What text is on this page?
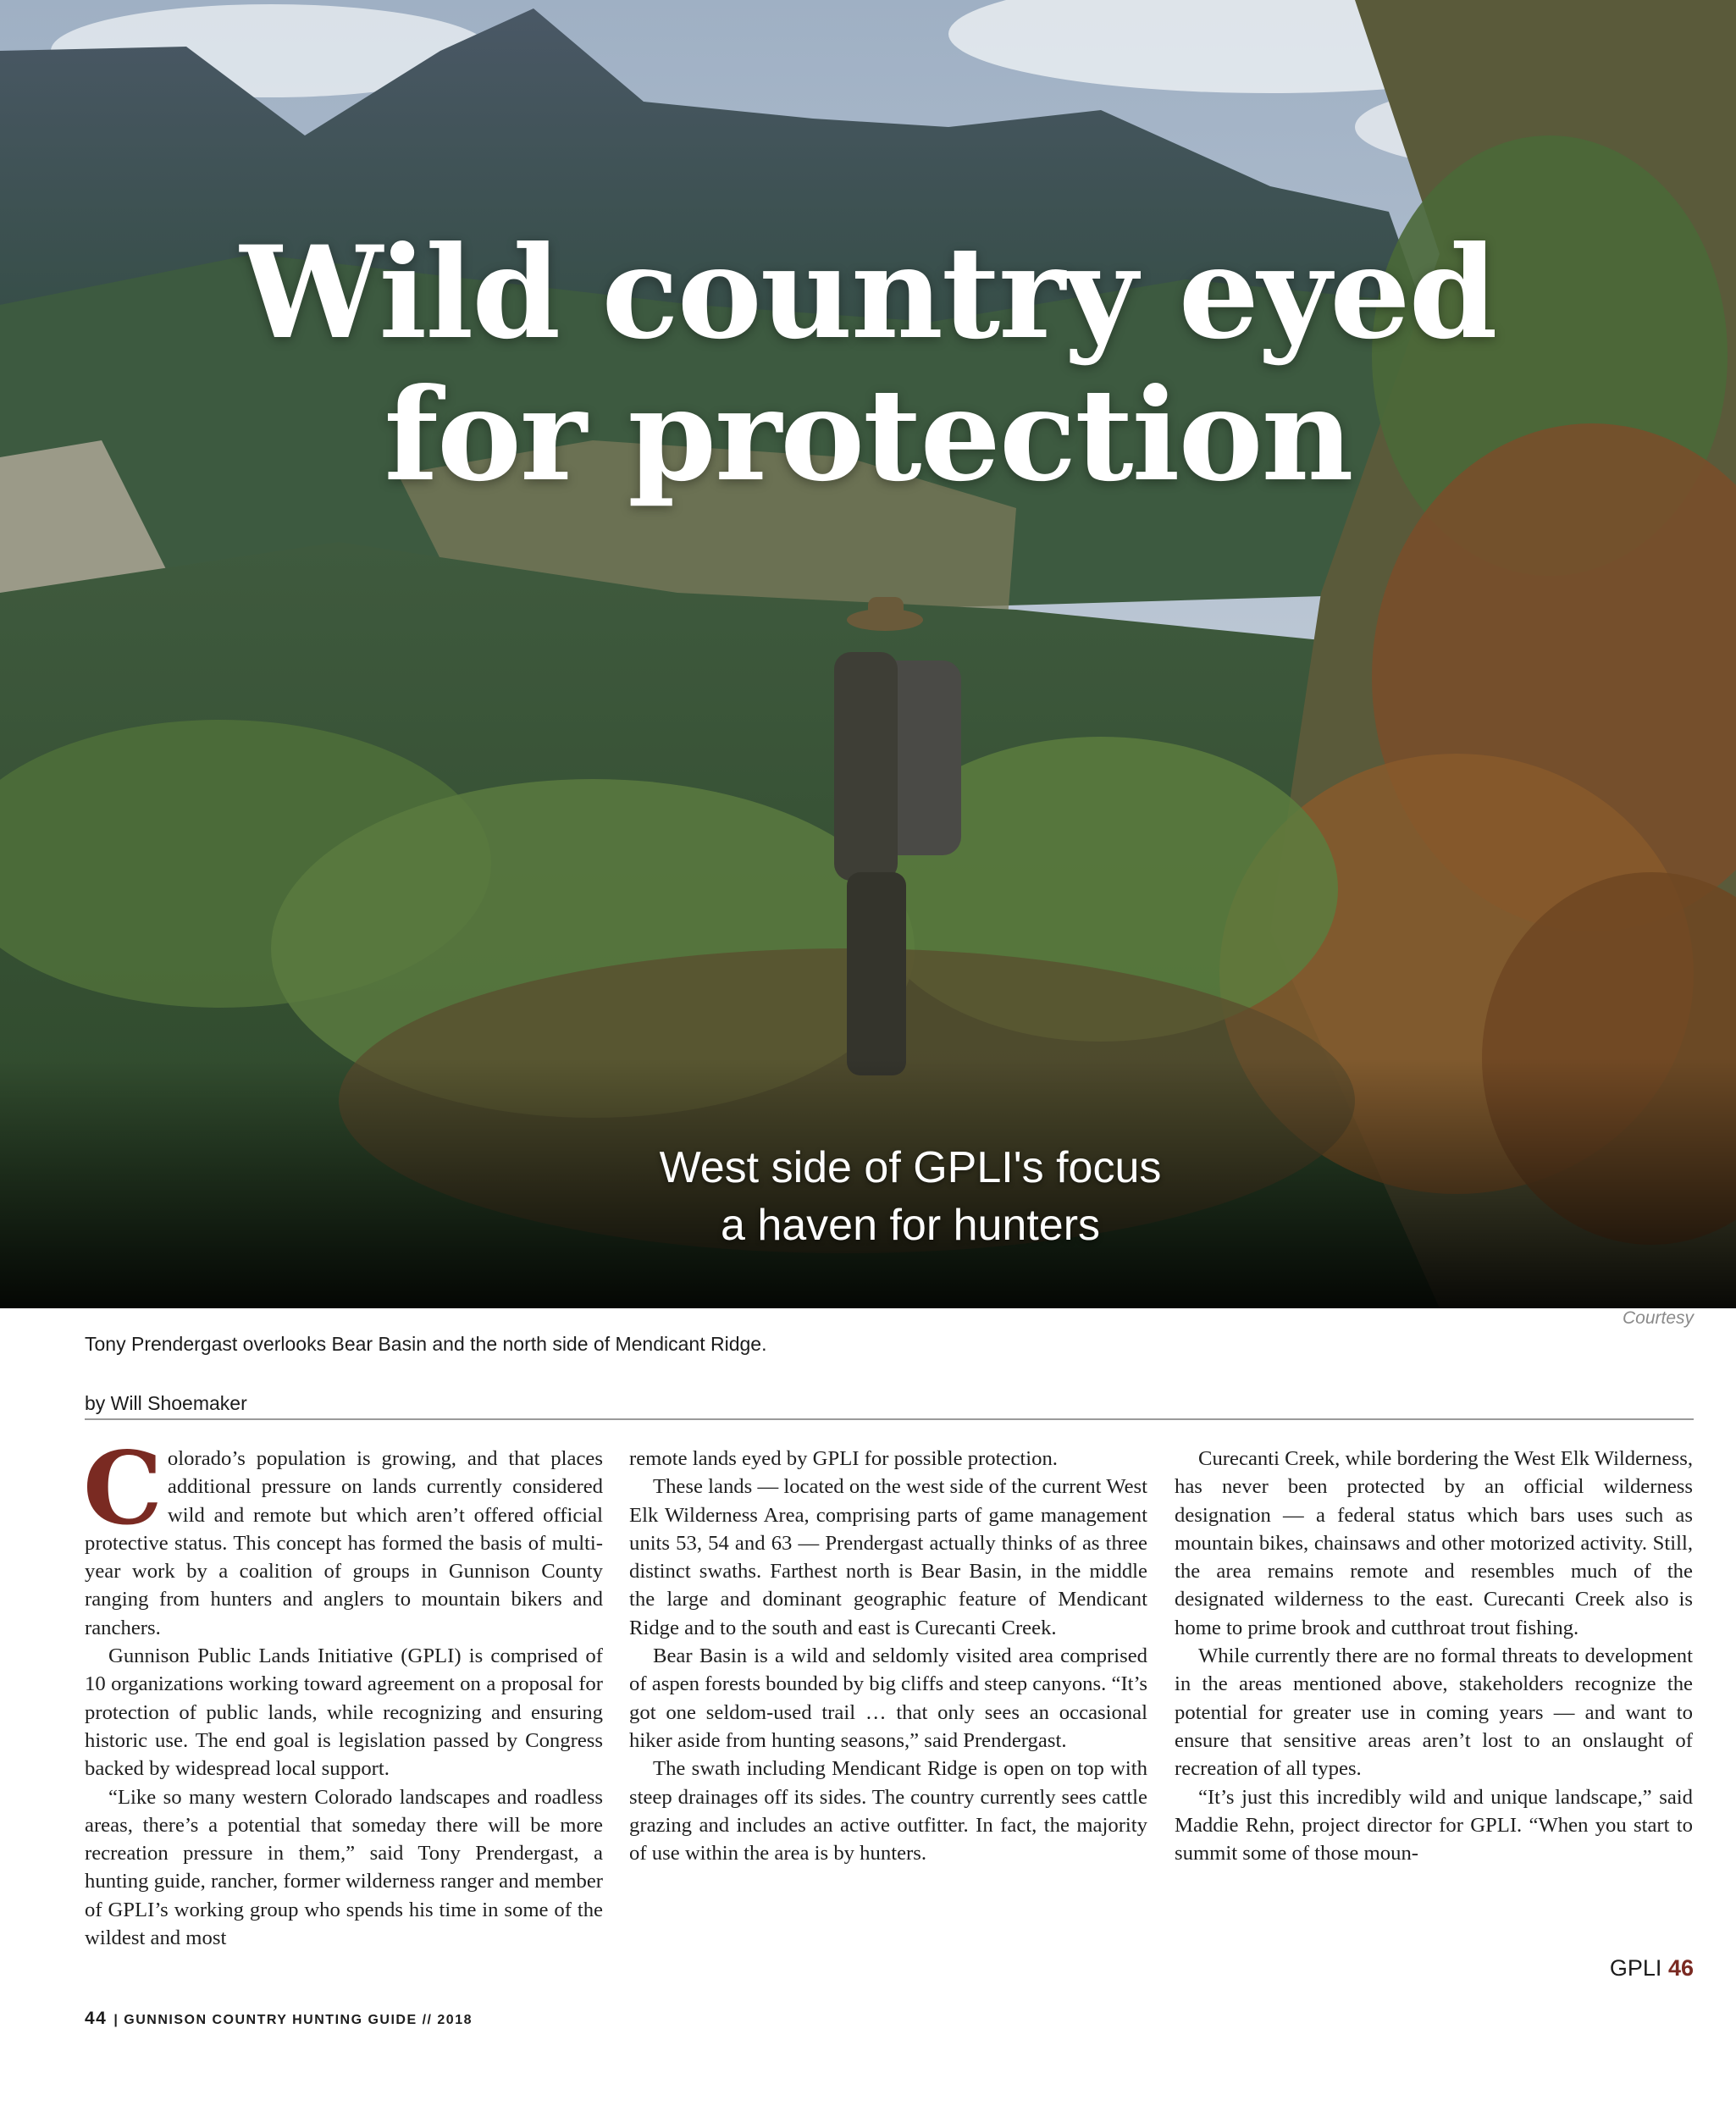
Wild country eyed
for protection

West side of GPLI's focus

a haven for hunters

Courtesy
Tony Prendergast overlooks Bear Basin and the north side of Mendicant Ridge.
by Will Shoemaker

Colorado’s population is growing, and that places additional pressure on lands currently considered wild and remote but which aren’t offered official protective status. This concept has formed the basis of multi-year work by a coalition of groups in Gunnison County ranging from hunters and anglers to mountain bikers and ranchers.

Gunnison Public Lands Initiative (GPLI) is comprised of 10 organizations working toward agreement on a proposal for protection of public lands, while recognizing and ensuring historic use. The end goal is legislation passed by Congress backed by widespread local support.

“Like so many western Colorado landscapes and roadless areas, there’s a potential that someday there will be more recreation pressure in them,” said Tony Prendergast, a hunting guide, rancher, former wilderness ranger and member of GPLI’s working group who spends his time in some of the wildest and most

remote lands eyed by GPLI for possible protection.

These lands — located on the west side of the current West Elk Wilderness Area, comprising parts of game management units 53, 54 and 63 — Prendergast actually thinks of as three distinct swaths. Farthest north is Bear Basin, in the middle the large and dominant geographic feature of Mendicant Ridge and to the south and east is Curecanti Creek.

Bear Basin is a wild and seldomly visited area comprised of aspen forests bounded by big cliffs and steep canyons. “It’s got one seldom-used trail … that only sees an occasional hiker aside from hunting seasons,” said Prendergast.

The swath including Mendicant Ridge is open on top with steep drainages off its sides. The country currently sees cattle grazing and includes an active outfitter. In fact, the majority of use within the area is by hunters.

Curecanti Creek, while bordering the West Elk Wilderness, has never been protected by an official wilderness designation — a federal status which bars uses such as mountain bikes, chainsaws and other motorized activity. Still, the area remains remote and resembles much of the designated wilderness to the east. Curecanti Creek also is home to prime brook and cutthroat trout fishing.

While currently there are no formal threats to development in the areas mentioned above, stakeholders recognize the potential for greater use in coming years — and want to ensure that sensitive areas aren’t lost to an onslaught of recreation of all types.

“It’s just this incredibly wild and unique landscape,” said Maddie Rehn, project director for GPLI. “When you start to summit some of those moun-

GPLI 46
44 | GUNNISON COUNTRY HUNTING GUIDE // 2018
